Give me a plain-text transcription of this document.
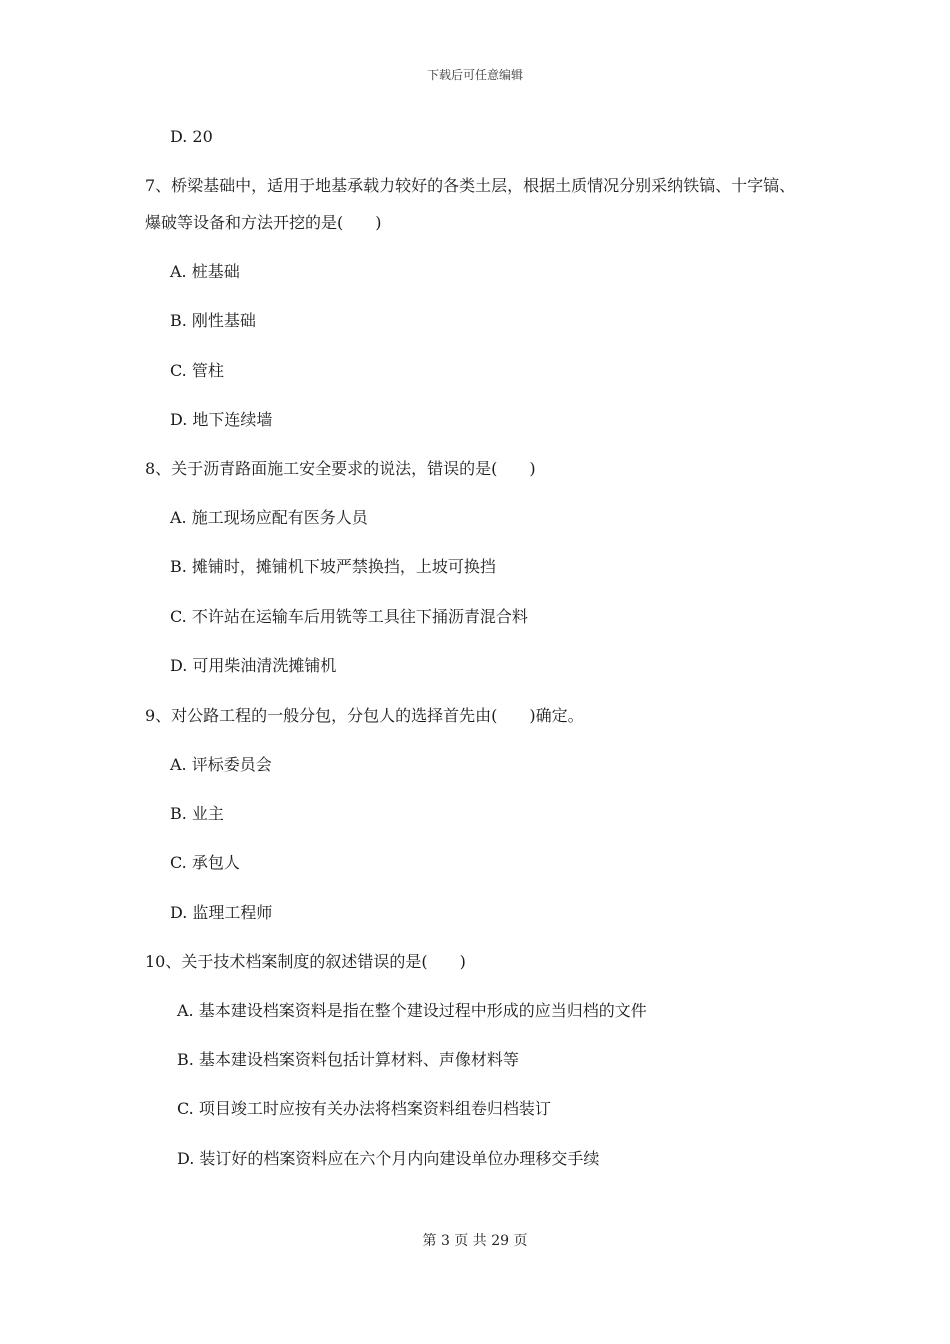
下载后可任意编辑
D. 20
7、桥梁基础中，适用于地基承载力较好的各类土层，根据土质情况分别采纳铁镐、十字镐、
爆破等设备和方法开挖的是(　　)
A. 桩基础
B. 刚性基础
C. 管柱
D. 地下连续墙
8、关于沥青路面施工安全要求的说法，错误的是(　　)
A. 施工现场应配有医务人员
B. 摊铺时，摊铺机下坡严禁换挡，上坡可换挡
C. 不许站在运输车后用铣等工具往下捅沥青混合料
D. 可用柴油清洗摊铺机
9、对公路工程的一般分包，分包人的选择首先由(　　)确定。
A. 评标委员会
B. 业主
C. 承包人
D. 监理工程师
10、关于技术档案制度的叙述错误的是(　　)
A. 基本建设档案资料是指在整个建设过程中形成的应当归档的文件
B. 基本建设档案资料包括计算材料、声像材料等
C. 项目竣工时应按有关办法将档案资料组卷归档装订
D. 装订好的档案资料应在六个月内向建设单位办理移交手续
第 3 页 共 29 页
